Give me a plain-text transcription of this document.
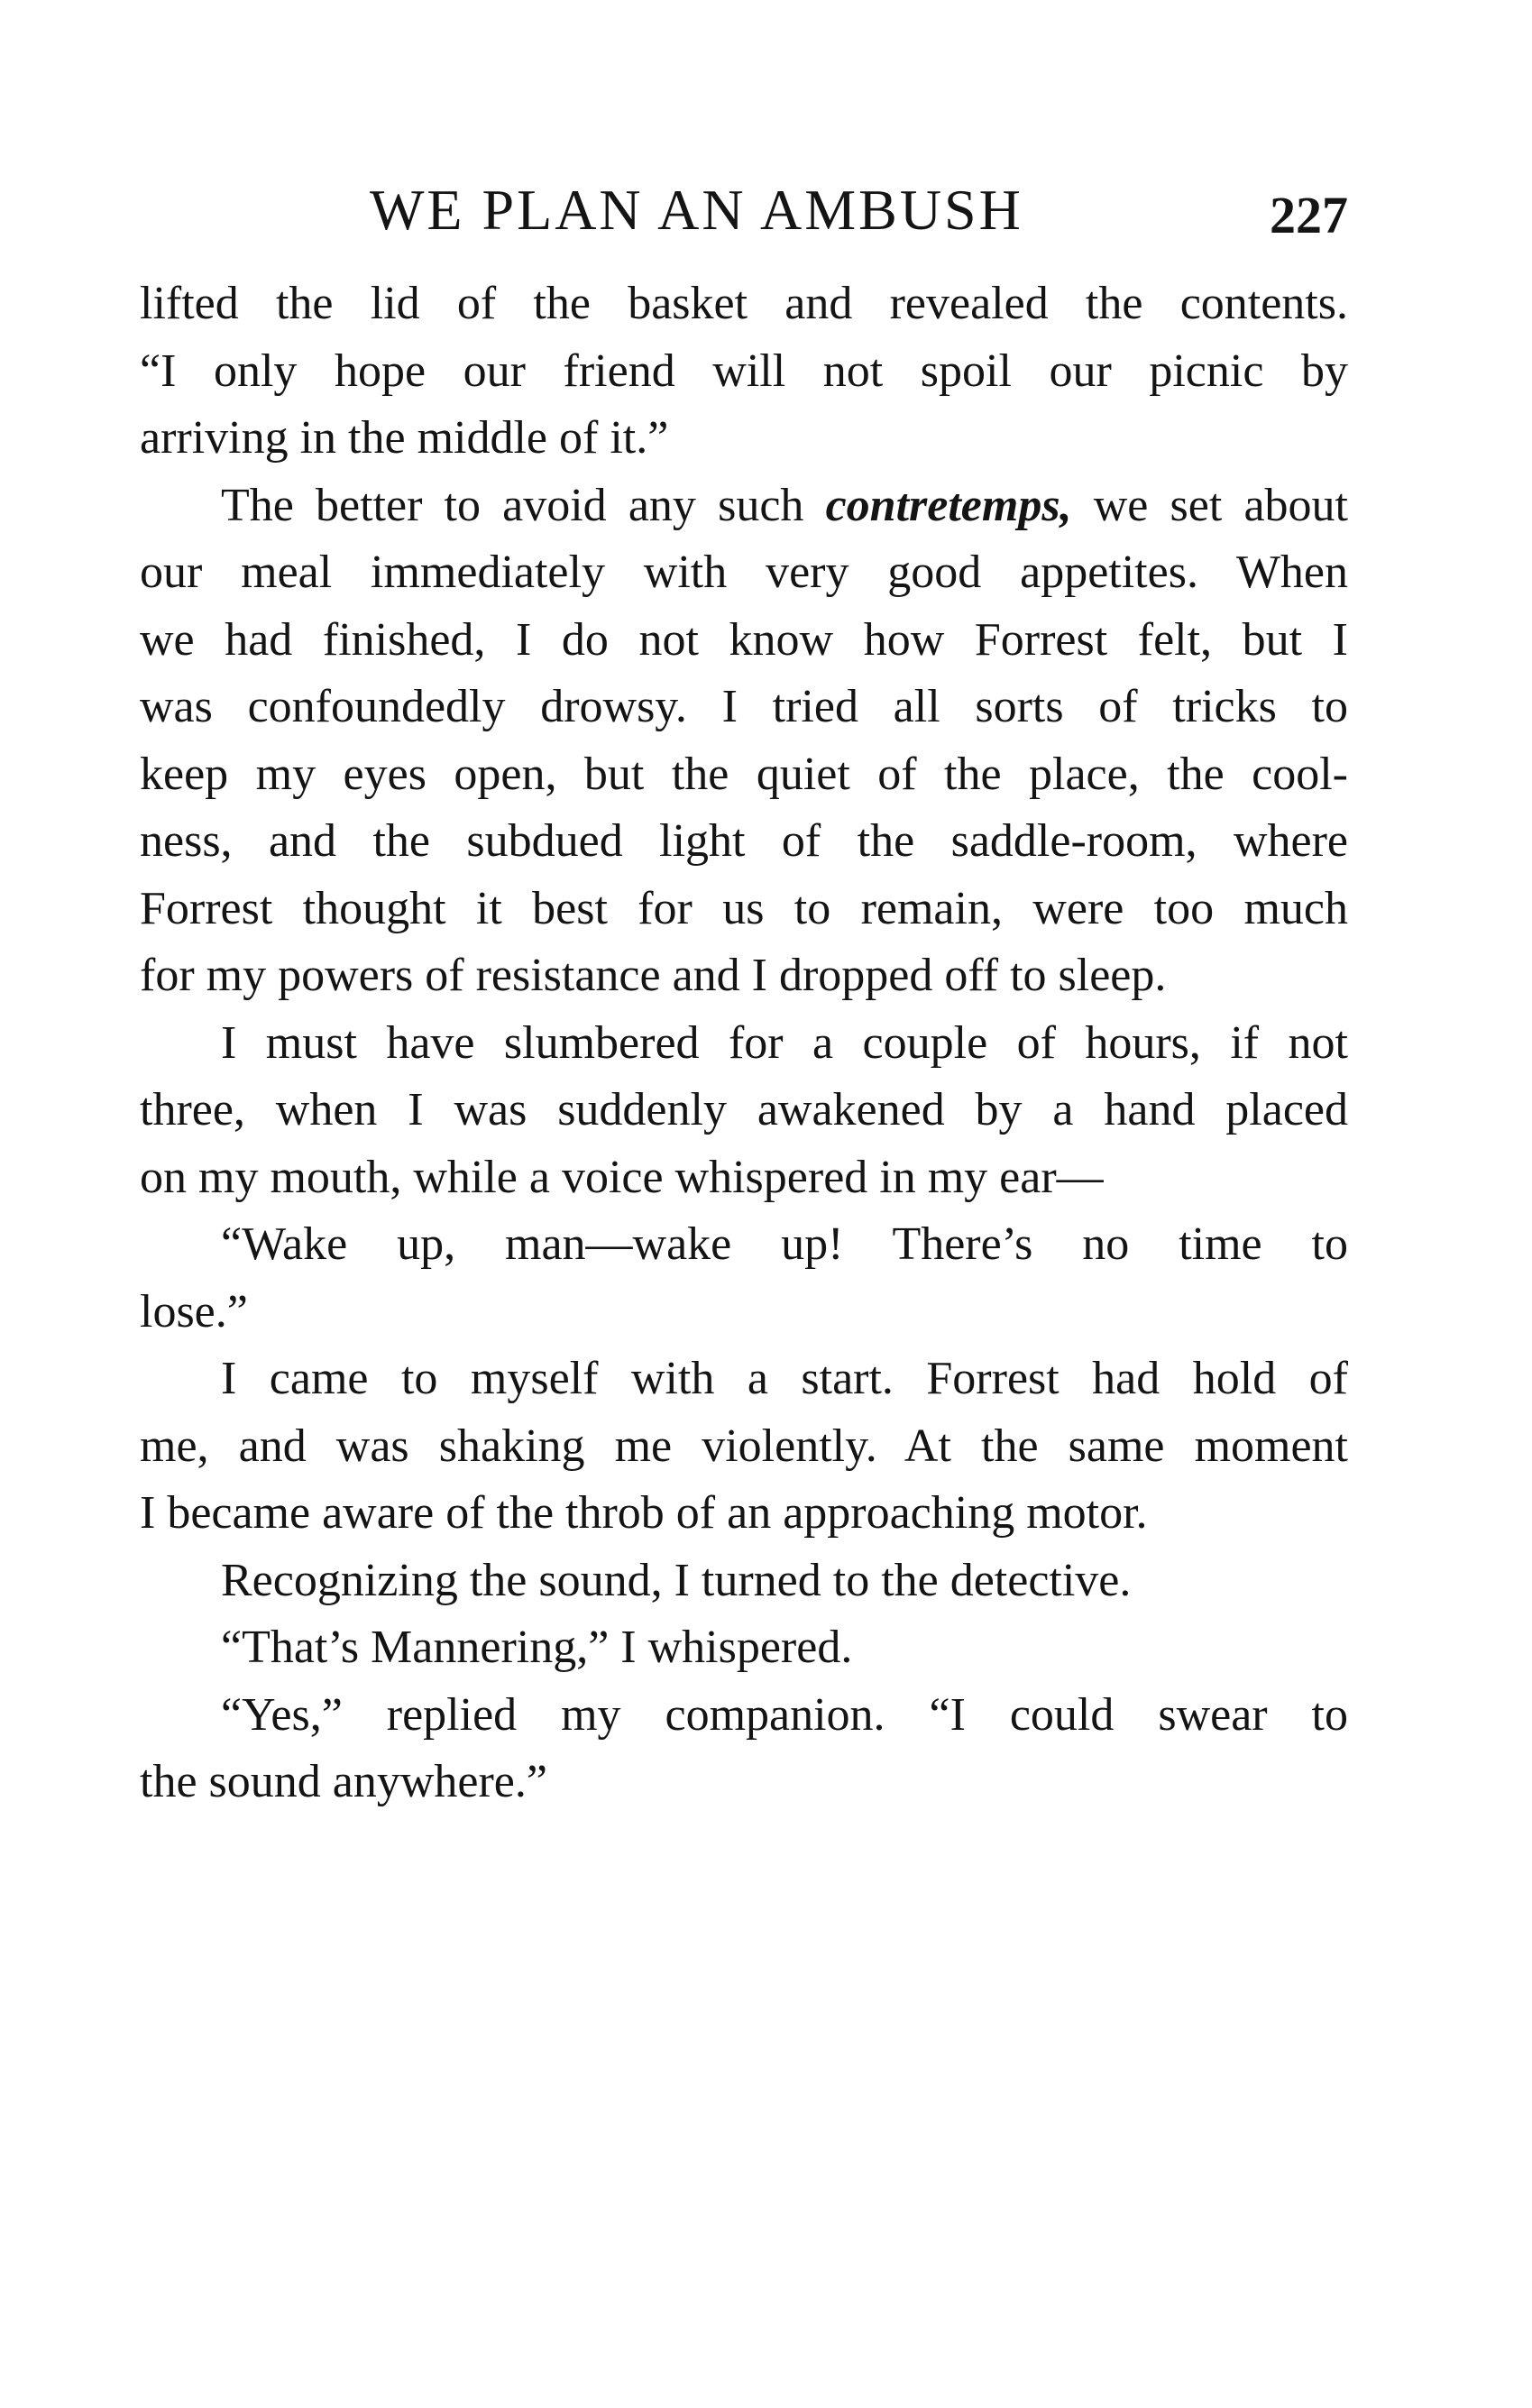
WE PLAN AN AMBUSH	227
lifted the lid of the basket and revealed the contents.
“I only hope our friend will not spoil our picnic by
arriving in the middle of it.”
The better to avoid any such contretemps, we set about
our meal immediately with very good appetites. When
we had finished, I do not know how Forrest felt, but I
was confoundedly drowsy. I tried all sorts of tricks to
keep my eyes open, but the quiet of the place, the cool-
ness, and the subdued light of the saddle-room, where
Forrest thought it best for us to remain, were too much
for my powers of resistance and I dropped off to sleep.
I must have slumbered for a couple of hours, if not
three, when I was suddenly awakened by a hand placed
on my mouth, while a voice whispered in my ear—
“Wake up, man—wake up! There’s no time to
lose.”
I came to myself with a start. Forrest had hold of
me, and was shaking me violently. At the same moment
I became aware of the throb of an approaching motor.
Recognizing the sound, I turned to the detective.
“That’s Mannering,” I whispered.
“Yes,” replied my companion. “I could swear to
the sound anywhere.”
